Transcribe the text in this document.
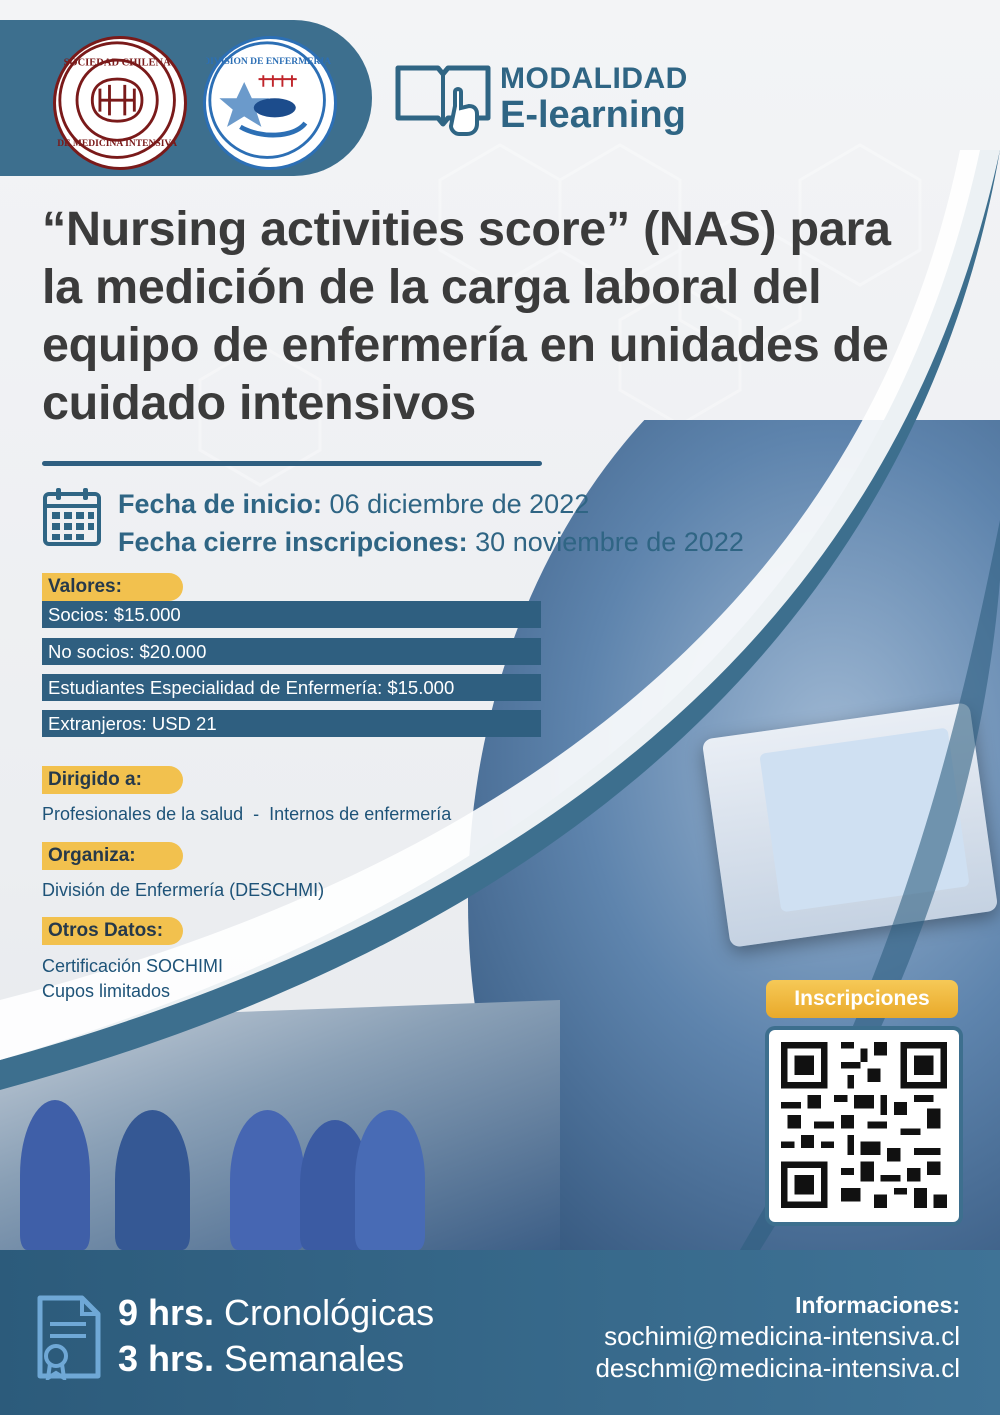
SOCIEDAD CHILENA
DE MEDICINA INTENSIVA
DIVISION DE ENFERMERIA
MODALIDAD
E-learning
“Nursing activities score” (NAS) para la medición de la carga laboral del equipo de enfermería en unidades de cuidado intensivos
Fecha de inicio: 06 diciembre de 2022
Fecha cierre inscripciones: 30 noviembre de 2022
Valores:
Socios: $15.000
No socios: $20.000
Estudiantes Especialidad de Enfermería: $15.000
Extranjeros: USD 21
Dirigido a:
Profesionales de la salud  -  Internos de enfermería
Organiza:
División de Enfermería (DESCHMI)
Otros Datos:
Certificación SOCHIMI
Cupos limitados	Inscripciones
9 hrs. Cronológicas
3 hrs. Semanales
Informaciones:
sochimi@medicina-intensiva.cl
deschmi@medicina-intensiva.cl
